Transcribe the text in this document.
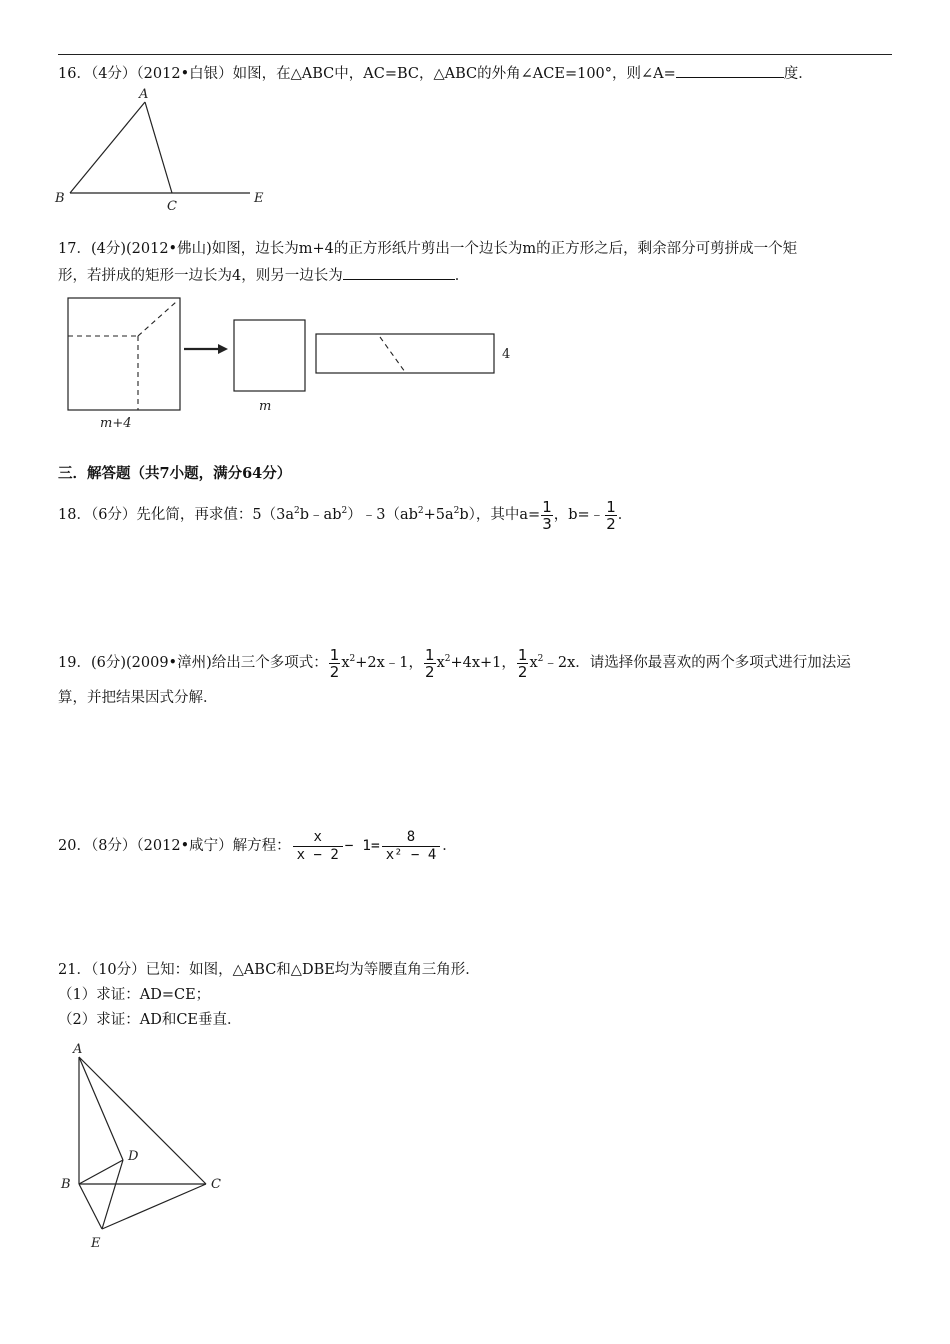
16．（4分）（2012•白银）如图，在△ABC中，AC=BC，△ABC的外角∠ACE=100°，则∠A=	度．
A
B
C
E
17．(4分)(2012•佛山)如图，边长为m+4的正方形纸片剪出一个边长为m的正方形之后，剩余部分可剪拼成一个矩
形，若拼成的矩形一边长为4，则另一边长为	．
m+4
m
4
三．解答题（共7小题，满分64分）
18．（6分）先化简，再求值：$5(3a^2b﹣ab^2)﹣3(ab^2+5a^2b)$，其中$a= \frac{1}{3}$ ，b=﹣ $\frac{1}{2}$ ．
19．(6分)(2009•漳州)给出三个多项式： $\frac{1}{2}$ $x^2+2x﹣1$， $\frac{1}{2} x^2+4x+1$， $\frac{1}{2}$ $x^2﹣2x$．请选择你最喜欢的两个多项式进行加法运
算，并把结果因式分解．
20．（8分）（2012•咸宁）解方程： $\frac{x}{x - 2} - 1= \frac{8}{\text{x² − 4}}$ ．
21．（10分）已知：如图，△ABC和△DBE均为等腰直角三角形．
（1）求证：AD=CE；
（2）求证：AD和CE垂直．
A
B	C
D
E
